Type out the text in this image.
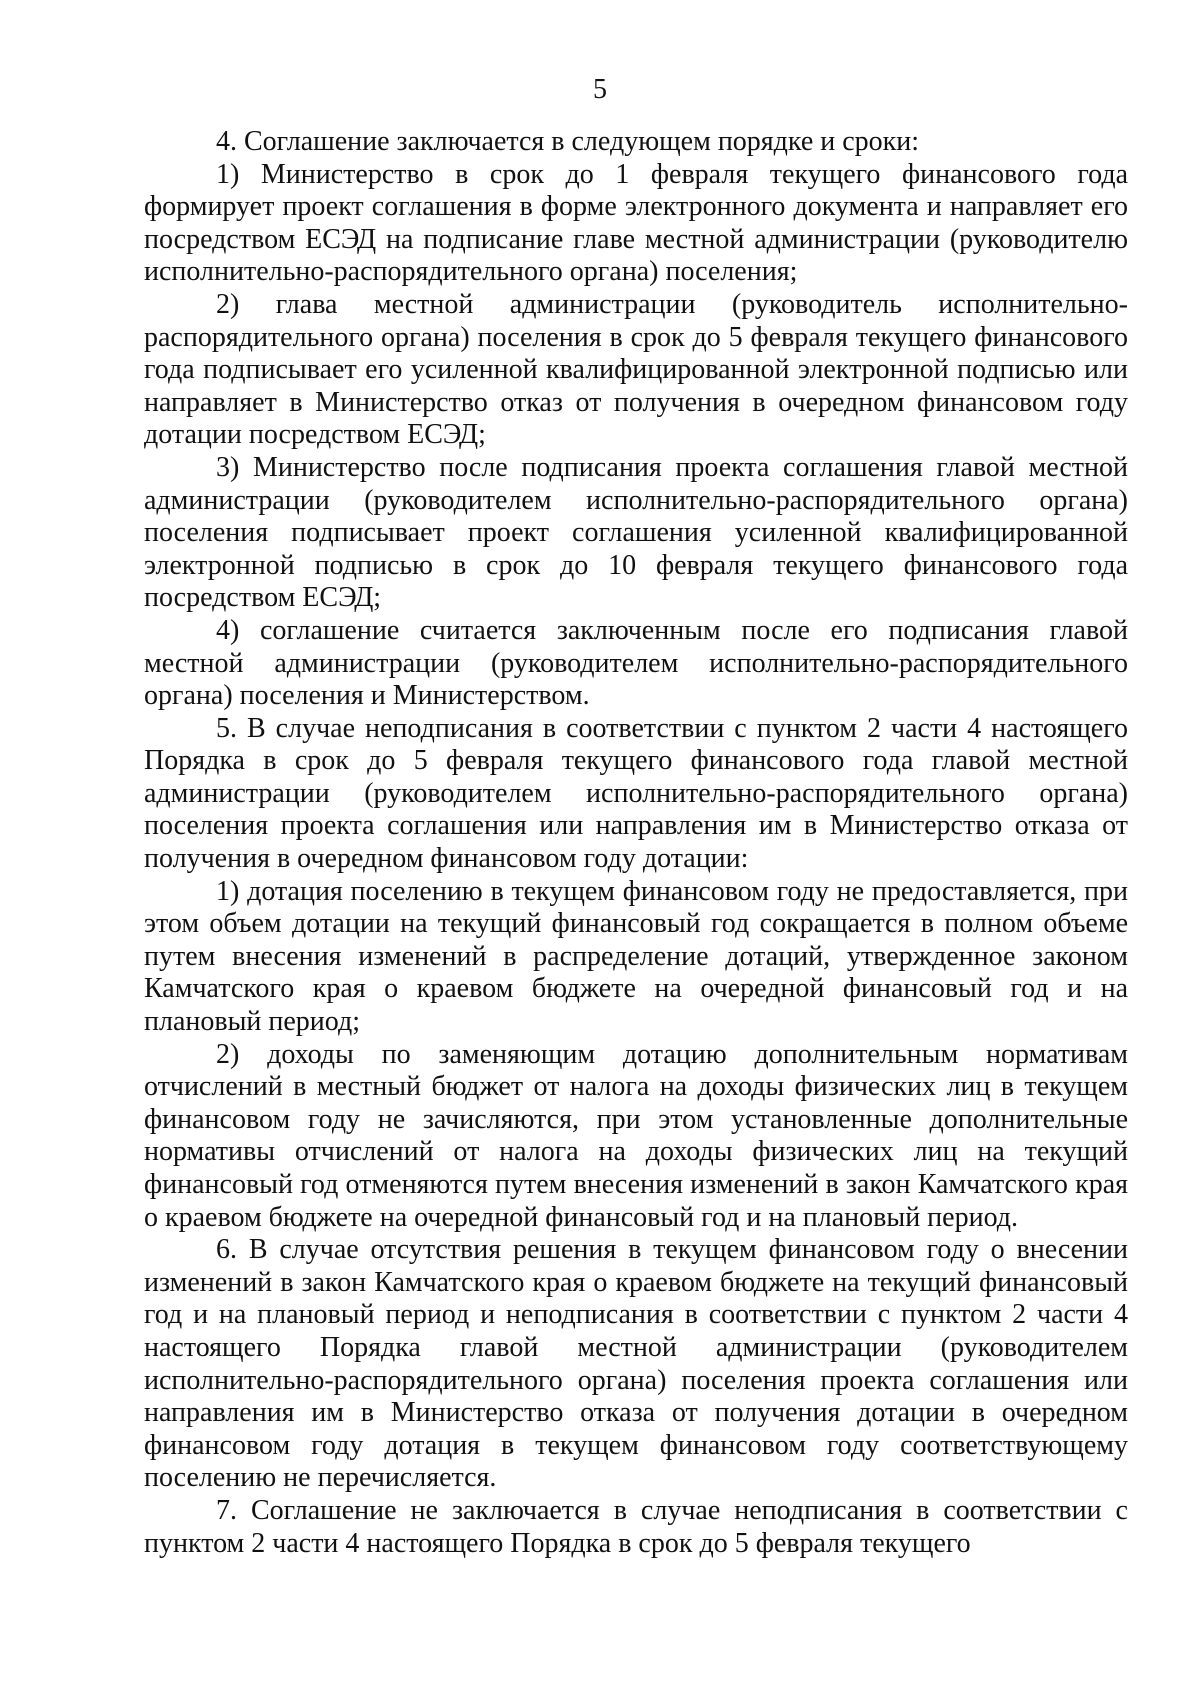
5

4. Соглашение заключается в следующем порядке и сроки:

1) Министерство в срок до 1 февраля текущего финансового года формирует проект соглашения в форме электронного документа и направляет его посредством ЕСЭД на подписание главе местной администрации (руководителю исполнительно-распорядительного органа) поселения;

2) глава местной администрации (руководитель исполнительно-распорядительного органа) поселения в срок до 5 февраля текущего финансового года подписывает его усиленной квалифицированной электронной подписью или направляет в Министерство отказ от получения в очередном финансовом году дотации посредством ЕСЭД;

3) Министерство после подписания проекта соглашения главой местной администрации (руководителем исполнительно-распорядительного органа) поселения подписывает проект соглашения усиленной квалифицированной электронной подписью в срок до 10 февраля текущего финансового года посредством ЕСЭД;

4) соглашение считается заключенным после его подписания главой местной администрации (руководителем исполнительно-распорядительного органа) поселения и Министерством.

5. В случае неподписания в соответствии с пунктом 2 части 4 настоящего Порядка в срок до 5 февраля текущего финансового года главой местной администрации (руководителем исполнительно-распорядительного органа) поселения проекта соглашения или направления им в Министерство отказа от получения в очередном финансовом году дотации:

1) дотация поселению в текущем финансовом году не предоставляется, при этом объем дотации на текущий финансовый год сокращается в полном объеме путем внесения изменений в распределение дотаций, утвержденное законом Камчатского края о краевом бюджете на очередной финансовый год и на плановый период;

2) доходы по заменяющим дотацию дополнительным нормативам отчислений в местный бюджет от налога на доходы физических лиц в текущем финансовом году не зачисляются, при этом установленные дополнительные нормативы отчислений от налога на доходы физических лиц на текущий финансовый год отменяются путем внесения изменений в закон Камчатского края о краевом бюджете на очередной финансовый год и на плановый период.

6. В случае отсутствия решения в текущем финансовом году о внесении изменений в закон Камчатского края о краевом бюджете на текущий финансовый год и на плановый период и неподписания в соответствии с пунктом 2 части 4 настоящего Порядка главой местной администрации (руководителем исполнительно-распорядительного органа) поселения проекта соглашения или направления им в Министерство отказа от получения дотации в очередном финансовом году дотация в текущем финансовом году соответствующему поселению не перечисляется.

7. Соглашение не заключается в случае неподписания в соответствии с пунктом 2 части 4 настоящего Порядка в срок до 5 февраля текущего
